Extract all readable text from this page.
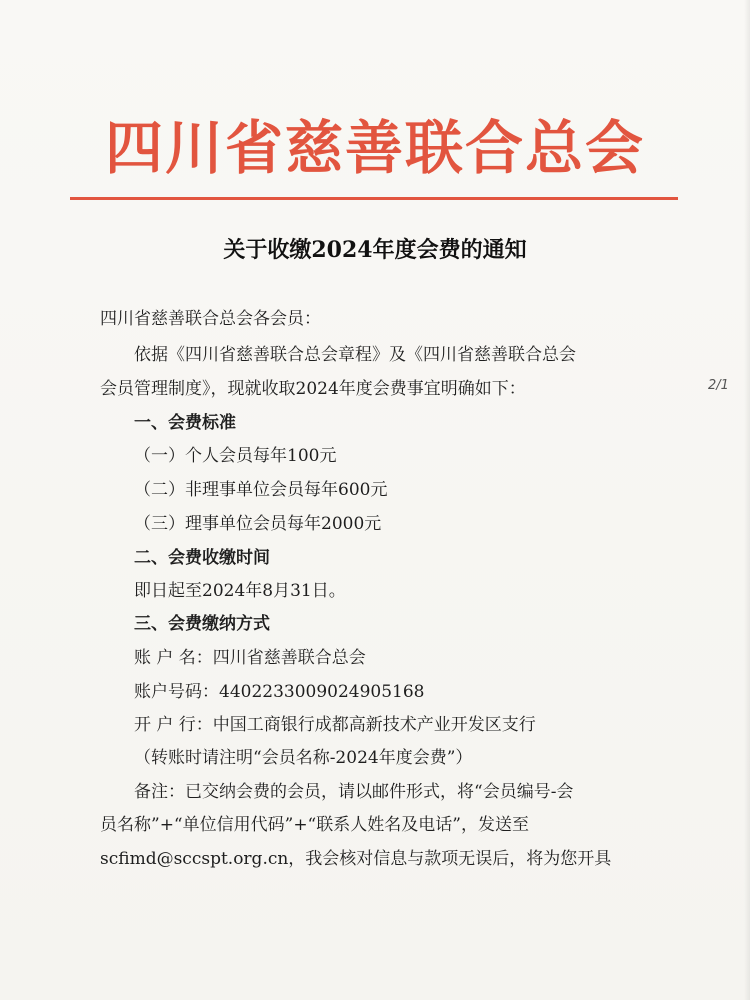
四川省慈善联合总会
关于收缴2024年度会费的通知
四川省慈善联合总会各会员：
依据《四川省慈善联合总会章程》及《四川省慈善联合总会
会员管理制度》，现就收取2024年度会费事宜明确如下：	2/1
一、会费标准
（一）个人会员每年100元
（二）非理事单位会员每年600元
（三）理事单位会员每年2000元
二、会费收缴时间
即日起至2024年8月31日。
三、会费缴纳方式
账 户 名：四川省慈善联合总会
账户号码：4402233009024905168
开 户 行：中国工商银行成都高新技术产业开发区支行
（转账时请注明“会员名称-2024年度会费”）
备注：已交纳会费的会员，请以邮件形式，将“会员编号-会
员名称”+“单位信用代码”+“联系人姓名及电话”，发送至
scfimd@sccspt.org.cn，我会核对信息与款项无误后，将为您开具
